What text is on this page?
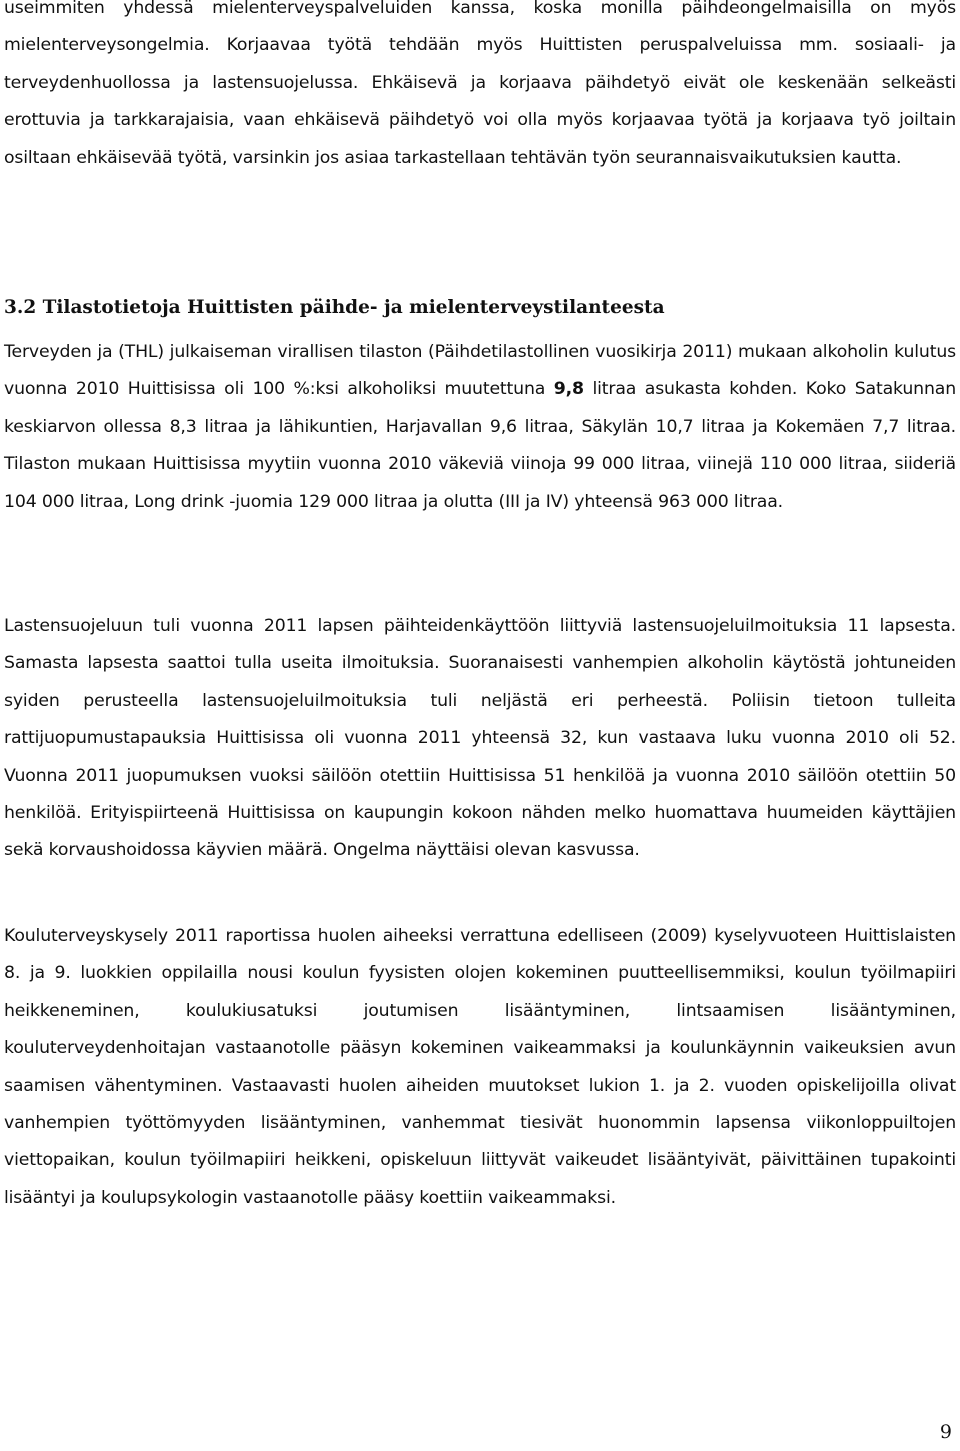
useimmiten yhdessä mielenterveyspalveluiden kanssa, koska monilla päihdeongelmaisilla on myös mielenterveysongelmia. Korjaavaa työtä tehdään myös Huittisten peruspalveluissa mm. sosiaali- ja terveydenhuollossa ja lastensuojelussa. Ehkäisevä ja korjaava päihdetyö eivät ole keskenään selkeästi erottuvia ja tarkkarajaisia, vaan ehkäisevä päihdetyö voi olla myös korjaavaa työtä ja korjaava työ joiltain osiltaan ehkäisevää työtä, varsinkin jos asiaa tarkastellaan tehtävän työn seurannaisvaikutuksien kautta.

3.2 Tilastotietoja Huittisten päihde- ja mielenterveystilanteesta

Terveyden ja (THL) julkaiseman virallisen tilaston (Päihdetilastollinen vuosikirja 2011) mukaan alkoholin kulutus vuonna 2010 Huittisissa oli 100 %:ksi alkoholiksi muutettuna 9,8 litraa asukasta kohden. Koko Satakunnan keskiarvon ollessa 8,3 litraa ja lähikuntien, Harjavallan 9,6 litraa, Säkylän 10,7 litraa ja Kokemäen 7,7 litraa. Tilaston mukaan Huittisissa myytiin vuonna 2010 väkeviä viinoja 99 000 litraa, viinejä 110 000 litraa, siideriä 104 000 litraa, Long drink -juomia 129 000 litraa ja olutta (III ja IV) yhteensä 963 000 litraa.

Lastensuojeluun tuli vuonna 2011 lapsen päihteidenkäyttöön liittyviä lastensuojeluilmoituksia 11 lapsesta. Samasta lapsesta saattoi tulla useita ilmoituksia. Suoranaisesti vanhempien alkoholin käytöstä johtuneiden syiden perusteella lastensuojeluilmoituksia tuli neljästä eri perheestä. Poliisin tietoon tulleita rattijuopumustapauksia Huittisissa oli vuonna 2011 yhteensä 32, kun vastaava luku vuonna 2010 oli 52. Vuonna 2011 juopumuksen vuoksi säilöön otettiin Huittisissa 51 henkilöä ja vuonna 2010 säilöön otettiin 50 henkilöä. Erityispiirteenä Huittisissa on kaupungin kokoon nähden melko huomattava huumeiden käyttäjien sekä korvaushoidossa käyvien määrä. Ongelma näyttäisi olevan kasvussa.

Kouluterveyskysely 2011 raportissa huolen aiheeksi verrattuna edelliseen (2009) kyselyvuoteen Huittislaisten 8. ja 9. luokkien oppilailla nousi koulun fyysisten olojen kokeminen puutteellisemmiksi, koulun työilmapiiri heikkeneminen, koulukiusatuksi joutumisen lisääntyminen, lintsaamisen lisääntyminen, kouluterveydenhoitajan vastaanotolle pääsyn kokeminen vaikeammaksi ja koulunkäynnin vaikeuksien avun saamisen vähentyminen. Vastaavasti huolen aiheiden muutokset lukion 1. ja 2. vuoden opiskelijoilla olivat vanhempien työttömyyden lisääntyminen, vanhemmat tiesivät huonommin lapsensa viikonloppuiltojen viettopaikan, koulun työilmapiiri heikkeni, opiskeluun liittyvät vaikeudet lisääntyivät, päivittäinen tupakointi lisääntyi ja koulupsykologin vastaanotolle pääsy koettiin vaikeammaksi.

9
